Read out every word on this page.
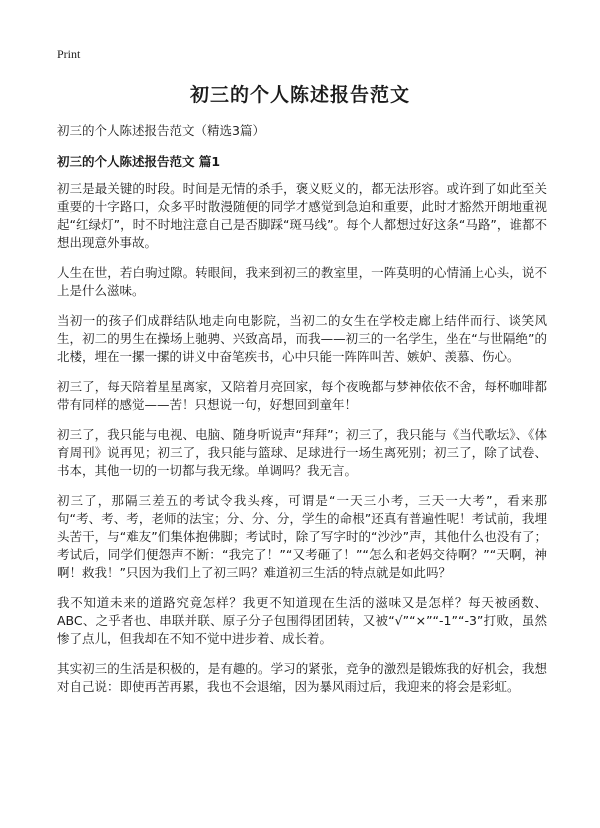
Print
初三的个人陈述报告范文
初三的个人陈述报告范文（精选3篇）
初三的个人陈述报告范文 篇1

初三是最关键的时段。时间是无情的杀手，褒义贬义的，都无法形容。或许到了如此至关重要的十字路口，众多平时散漫随便的同学才感觉到急迫和重要，此时才豁然开朗地重视起“红绿灯”，时不时地注意自己是否脚踩“斑马线”。每个人都想过好这条“马路”，谁都不想出现意外事故。

人生在世，若白驹过隙。转眼间，我来到初三的教室里，一阵莫明的心情涌上心头，说不上是什么滋味。

当初一的孩子们成群结队地走向电影院，当初二的女生在学校走廊上结伴而行、谈笑风生，初二的男生在操场上驰骋、兴致高昂，而我——初三的一名学生，坐在“与世隔绝”的北楼，埋在一摞一摞的讲义中奋笔疾书，心中只能一阵阵叫苦、嫉妒、羡慕、伤心。

初三了，每天陪着星星离家，又陪着月亮回家，每个夜晚都与梦神依依不舍，每杯咖啡都带有同样的感觉——苦！只想说一句，好想回到童年！

初三了，我只能与电视、电脑、随身听说声“拜拜”；初三了，我只能与《当代歌坛》、《体育周刊》说再见；初三了，我只能与篮球、足球进行一场生离死别；初三了，除了试卷、书本，其他一切的一切都与我无缘。单调吗？我无言。

初三了，那隔三差五的考试令我头疼，可谓是“一天三小考，三天一大考”，看来那句“考、考、考，老师的法宝；分、分、分，学生的命根”还真有普遍性呢！考试前，我埋头苦干，与“难友”们集体抱佛脚；考试时，除了写字时的“沙沙”声，其他什么也没有了；考试后，同学们便怨声不断：“我完了！”“又考砸了！”“怎么和老妈交待啊？”“天啊，神啊！救我！”只因为我们上了初三吗？难道初三生活的特点就是如此吗？

我不知道未来的道路究竟怎样？我更不知道现在生活的滋味又是怎样？每天被函数、ABC、之乎者也、串联并联、原子分子包围得团团转，又被“√”“×”“-1”“-3”打败，虽然惨了点儿，但我却在不知不觉中进步着、成长着。

其实初三的生活是积极的，是有趣的。学习的紧张，竞争的激烈是锻炼我的好机会，我想对自己说：即使再苦再累，我也不会退缩，因为暴风雨过后，我迎来的将会是彩虹。
